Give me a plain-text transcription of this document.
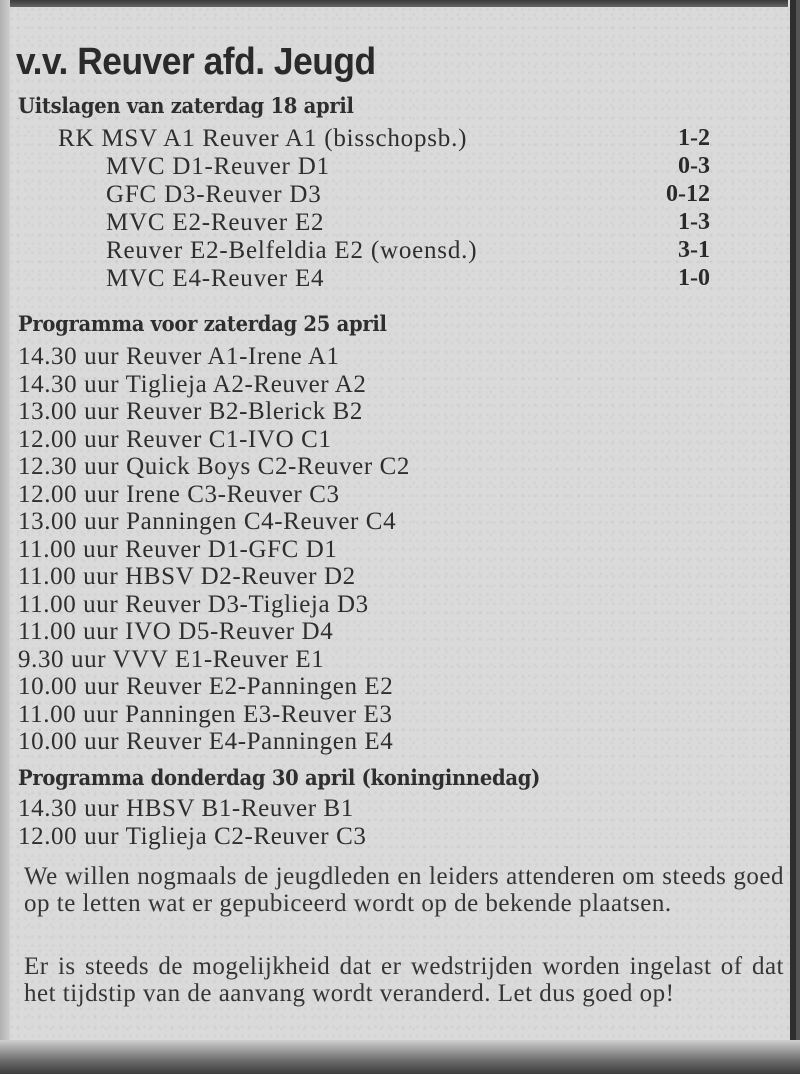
v.v. Reuver afd. Jeugd
Uitslagen van zaterdag 18 april
RK MSV A1 Reuver A1 (bisschopsb.)	1-2
MVC D1-Reuver D1	0-3
GFC D3-Reuver D3	0-12
MVC E2-Reuver E2	1-3
Reuver E2-Belfeldia E2 (woensd.)	3-1
MVC E4-Reuver E4	1-0
Programma voor zaterdag 25 april
14.30 uur Reuver A1-Irene A1
14.30 uur Tiglieja A2-Reuver A2
13.00 uur Reuver B2-Blerick B2
12.00 uur Reuver C1-IVO C1
12.30 uur Quick Boys C2-Reuver C2
12.00 uur Irene C3-Reuver C3
13.00 uur Panningen C4-Reuver C4
11.00 uur Reuver D1-GFC D1
11.00 uur HBSV D2-Reuver D2
11.00 uur Reuver D3-Tiglieja D3
11.00 uur IVO D5-Reuver D4
9.30 uur VVV E1-Reuver E1
10.00 uur Reuver E2-Panningen E2
11.00 uur Panningen E3-Reuver E3
10.00 uur Reuver E4-Panningen E4
Programma donderdag 30 april (koninginnedag)
14.30 uur HBSV B1-Reuver B1
12.00 uur Tiglieja C2-Reuver C3
We willen nogmaals de jeugdleden en leiders attenderen om steeds goed op te letten wat er gepubiceerd wordt op de bekende plaatsen.
Er is steeds de mogelijkheid dat er wedstrijden worden ingelast of dat het tijdstip van de aanvang wordt veranderd. Let dus goed op!
